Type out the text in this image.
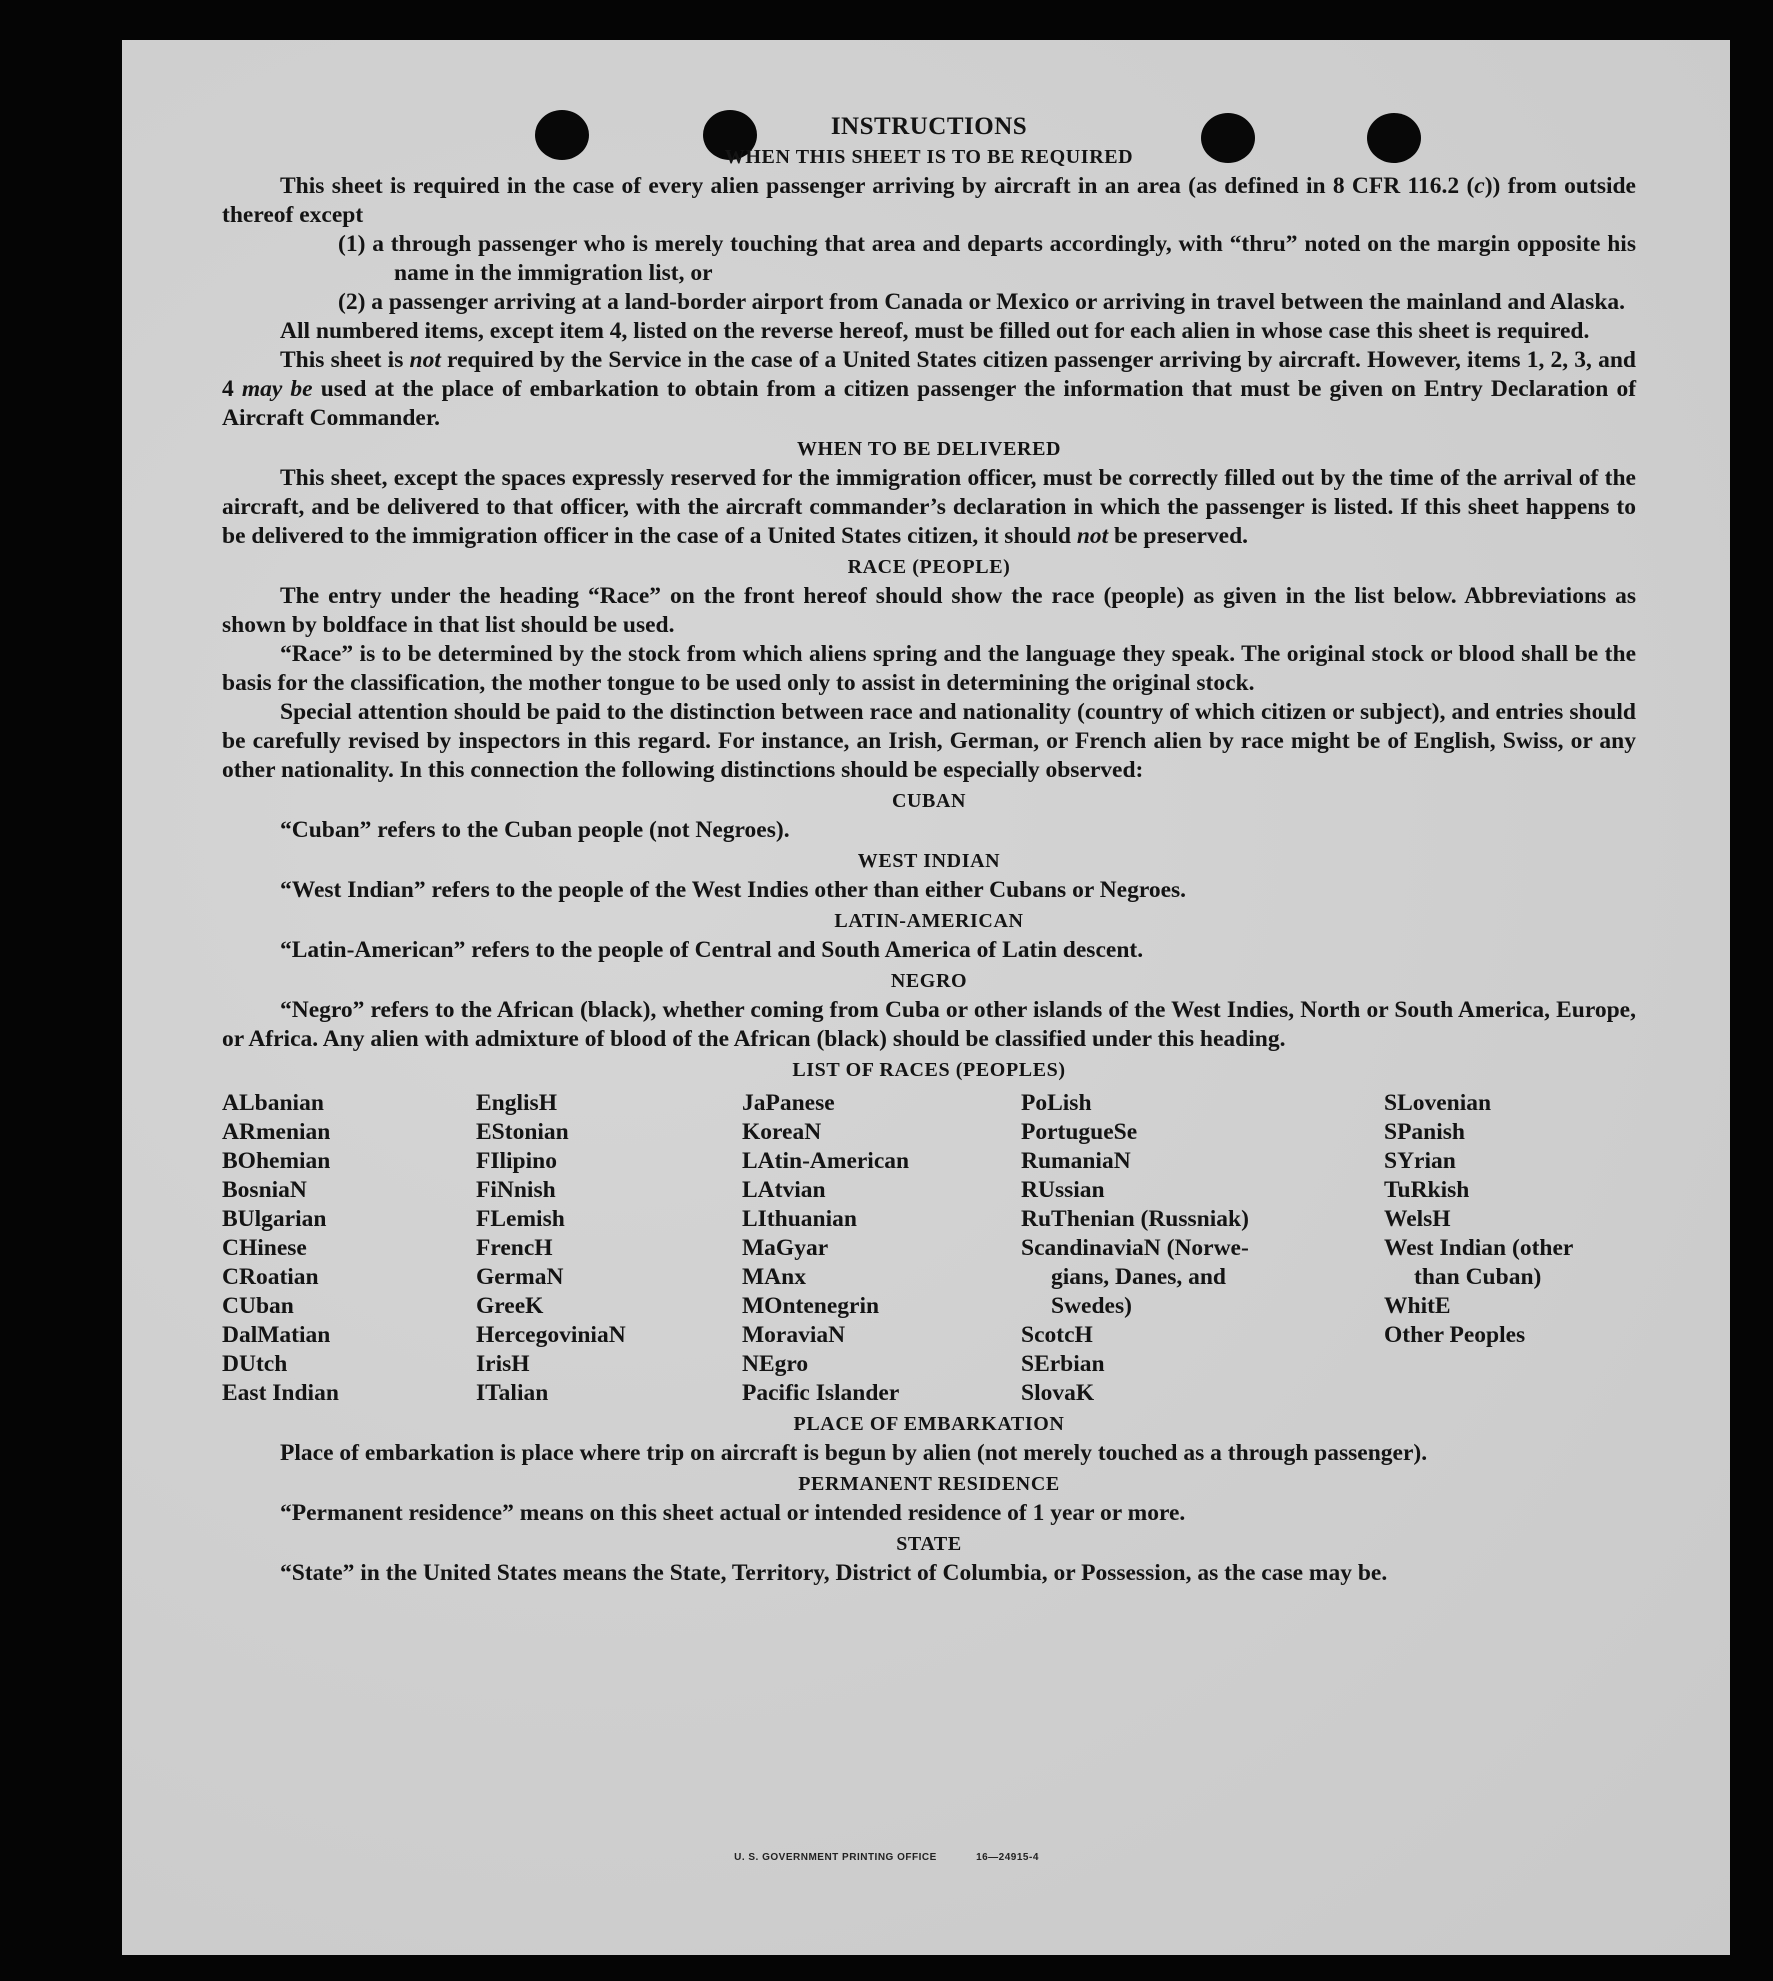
INSTRUCTIONS
WHEN THIS SHEET IS TO BE REQUIRED

This sheet is required in the case of every alien passenger arriving by aircraft in an area (as defined in 8 CFR 116.2 (c)) from outside thereof except

(1) a through passenger who is merely touching that area and departs accordingly, with “thru” noted on the margin opposite his name in the immigration list, or

(2) a passenger arriving at a land-border airport from Canada or Mexico or arriving in travel between the mainland and Alaska.

All numbered items, except item 4, listed on the reverse hereof, must be filled out for each alien in whose case this sheet is required.

This sheet is not required by the Service in the case of a United States citizen passenger arriving by aircraft. However, items 1, 2, 3, and 4 may be used at the place of embarkation to obtain from a citizen passenger the information that must be given on Entry Declaration of Aircraft Commander.

WHEN TO BE DELIVERED

This sheet, except the spaces expressly reserved for the immigration officer, must be correctly filled out by the time of the arrival of the aircraft, and be delivered to that officer, with the aircraft commander’s declaration in which the passenger is listed. If this sheet happens to be delivered to the immigration officer in the case of a United States citizen, it should not be preserved.

RACE (PEOPLE)

The entry under the heading “Race” on the front hereof should show the race (people) as given in the list below. Abbreviations as shown by boldface in that list should be used.

“Race” is to be determined by the stock from which aliens spring and the language they speak. The original stock or blood shall be the basis for the classification, the mother tongue to be used only to assist in determining the original stock.

Special attention should be paid to the distinction between race and nationality (country of which citizen or subject), and entries should be carefully revised by inspectors in this regard. For instance, an Irish, German, or French alien by race might be of English, Swiss, or any other nationality. In this connection the following distinctions should be especially observed:

CUBAN

“Cuban” refers to the Cuban people (not Negroes).

WEST INDIAN

“West Indian” refers to the people of the West Indies other than either Cubans or Negroes.

LATIN-AMERICAN

“Latin-American” refers to the people of Central and South America of Latin descent.

NEGRO

“Negro” refers to the African (black), whether coming from Cuba or other islands of the West Indies, North or South America, Europe, or Africa. Any alien with admixture of blood of the African (black) should be classified under this heading.

LIST OF RACES (PEOPLES)
ALbanian
ARmenian
BOhemian
BosniaN
BUlgarian
CHinese
CRoatian
CUban
DalMatian
DUtch
East Indian
EnglisH
EStonian
FIlipino
FiNnish
FLemish
FrencH
GermaN
GreeK
HercegoviniaN
IrisH
ITalian
JaPanese
KoreaN
LAtin-American
LAtvian
LIthuanian
MaGyar
MAnx
MOntenegrin
MoraviaN
NEgro
Pacific Islander
PoLish
PortugueSe
RumaniaN
RUssian
RuThenian (Russniak)
ScandinaviaN (Norwe-
gians, Danes, and
Swedes)
ScotcH
SErbian
SlovaK
SLovenian
SPanish
SYrian
TuRkish
WelsH
West Indian (other
than Cuban)
WhitE
Other Peoples
PLACE OF EMBARKATION

Place of embarkation is place where trip on aircraft is begun by alien (not merely touched as a through passenger).

PERMANENT RESIDENCE

“Permanent residence” means on this sheet actual or intended residence of 1 year or more.

STATE

“State” in the United States means the State, Territory, District of Columbia, or Possession, as the case may be.

U. S. GOVERNMENT PRINTING OFFICE	16—24915-4
